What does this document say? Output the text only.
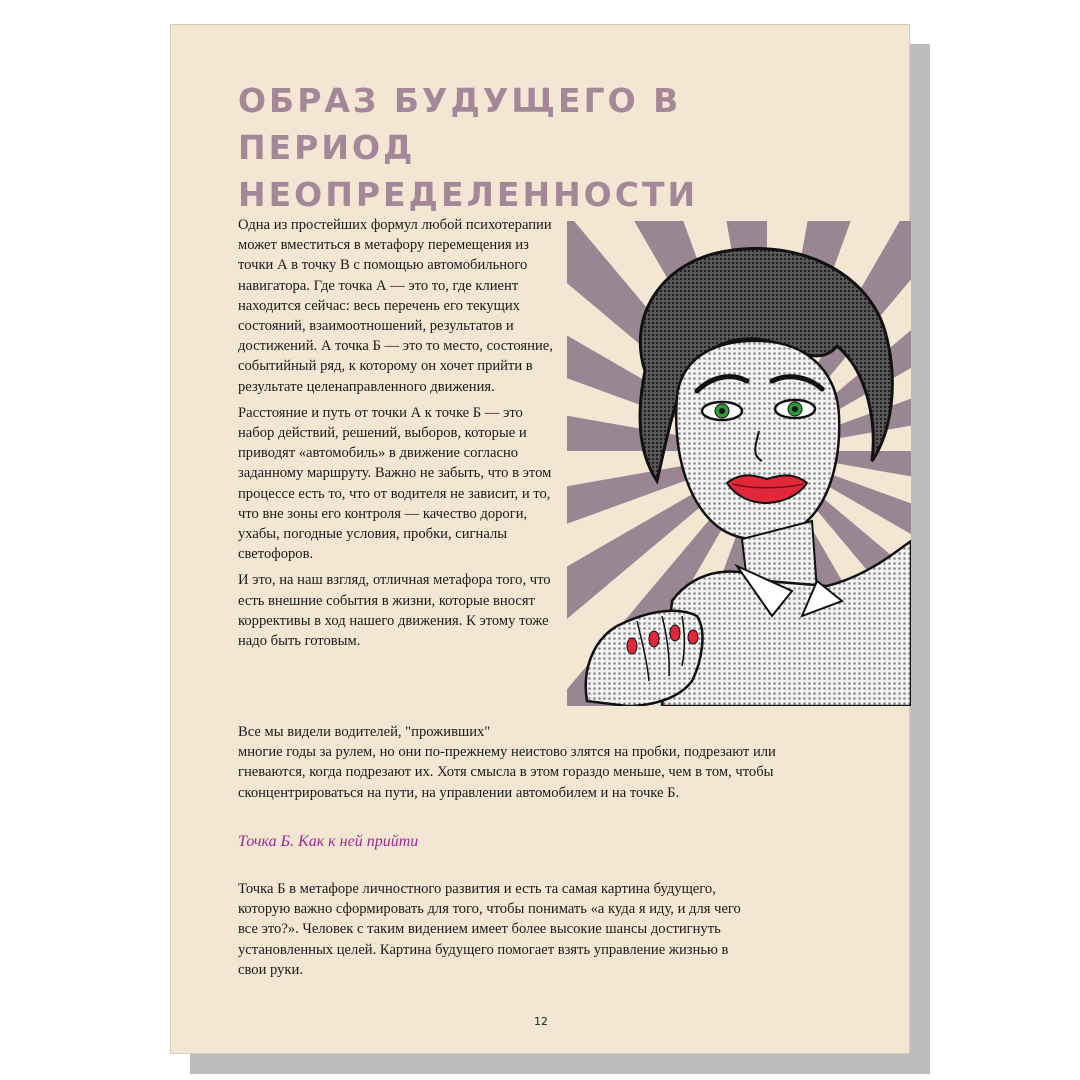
ОБРАЗ БУДУЩЕГО В ПЕРИОД
НЕОПРЕДЕЛЕННОСТИ

Одна из простейших формул любой психотерапии может вместиться в метафору перемещения из точки А в точку В с помощью автомобильного навигатора. Где точка А — это то, где клиент находится сейчас: весь перечень его текущих состояний, взаимоотношений, результатов и достижений. А точка Б — это то место, состояние, событийный ряд, к которому он хочет прийти в результате целенаправленного движения.

Расстояние и путь от точки А к точке Б — это набор действий, решений, выборов, которые и приводят «автомобиль» в движение согласно заданному маршруту. Важно не забыть, что в этом процессе есть то, что от водителя не зависит, и то, что вне зоны его контроля — качество дороги, ухабы, погодные условия, пробки, сигналы светофоров.

И это, на наш взгляд, отличная метафора того, что есть внешние события в жизни, которые вносят коррективы в ход нашего движения. К этому тоже надо быть готовым.

Все мы видели водителей, "проживших"
многие годы за рулем, но они по-прежнему неистово злятся на пробки, подрезают или гневаются, когда подрезают их. Хотя смысла в этом гораздо меньше, чем в том, чтобы сконцентрироваться на пути, на управлении автомобилем и на точке Б.
Точка Б. Как к ней прийти
Точка Б в метафоре личностного развития и есть та самая картина будущего, которую важно сформировать для того, чтобы понимать «а куда я иду, и для чего все это?». Человек с таким видением имеет более высокие шансы достигнуть установленных целей. Картина будущего помогает взять управление жизнью в свои руки.
12
